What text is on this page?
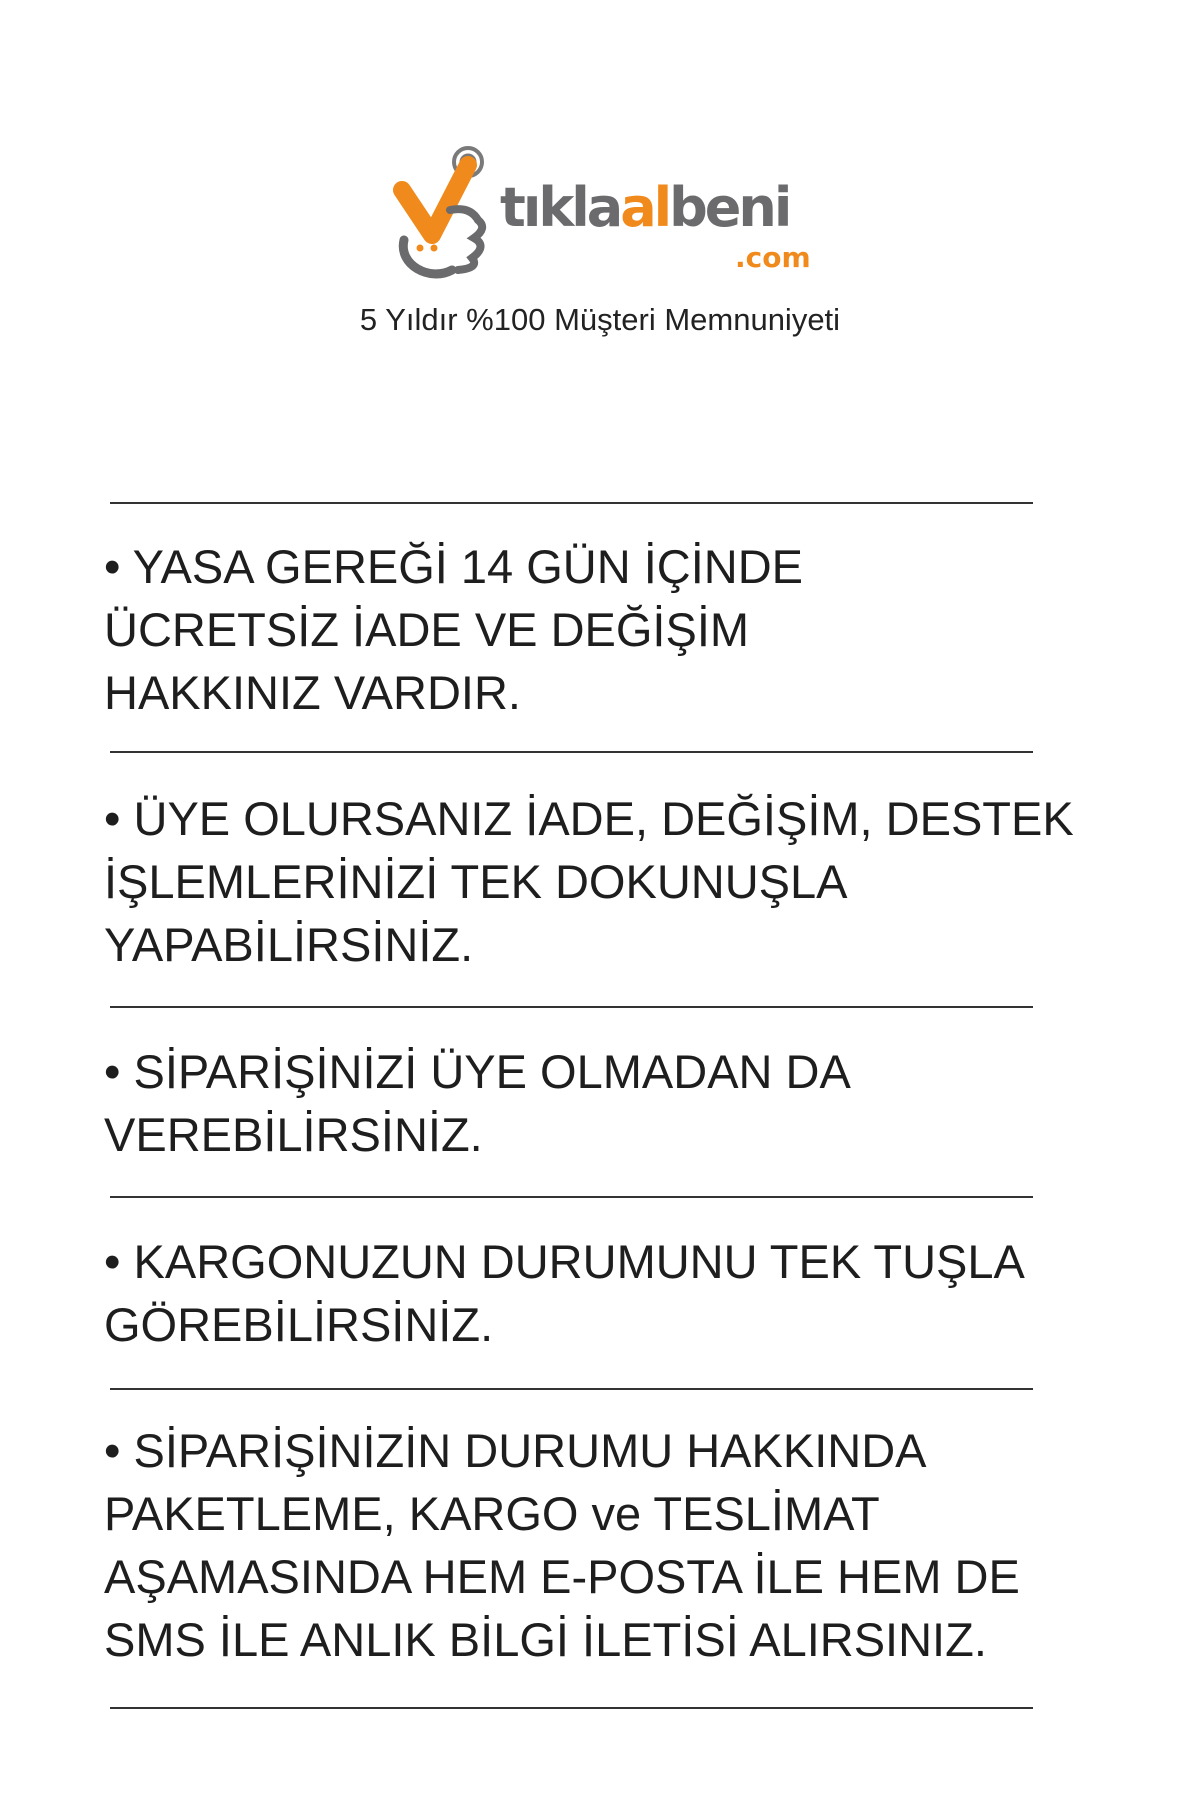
tıklaalbeni
.com
5 Yıldır %100 Müşteri Memnuniyeti
• YASA GEREĞİ 14 GÜN İÇİNDE
ÜCRETSİZ İADE VE DEĞİŞİM
HAKKINIZ VARDIR.
• ÜYE OLURSANIZ İADE, DEĞİŞİM, DESTEK
İŞLEMLERİNİZİ TEK DOKUNUŞLA
YAPABİLİRSİNİZ.
• SİPARİŞİNİZİ ÜYE OLMADAN DA
VEREBİLİRSİNİZ.
• KARGONUZUN DURUMUNU TEK TUŞLA
GÖREBİLİRSİNİZ.
• SİPARİŞİNİZİN DURUMU HAKKINDA
PAKETLEME, KARGO ve TESLİMAT
AŞAMASINDA HEM E-POSTA İLE HEM DE
SMS İLE ANLIK BİLGİ İLETİSİ ALIRSINIZ.
